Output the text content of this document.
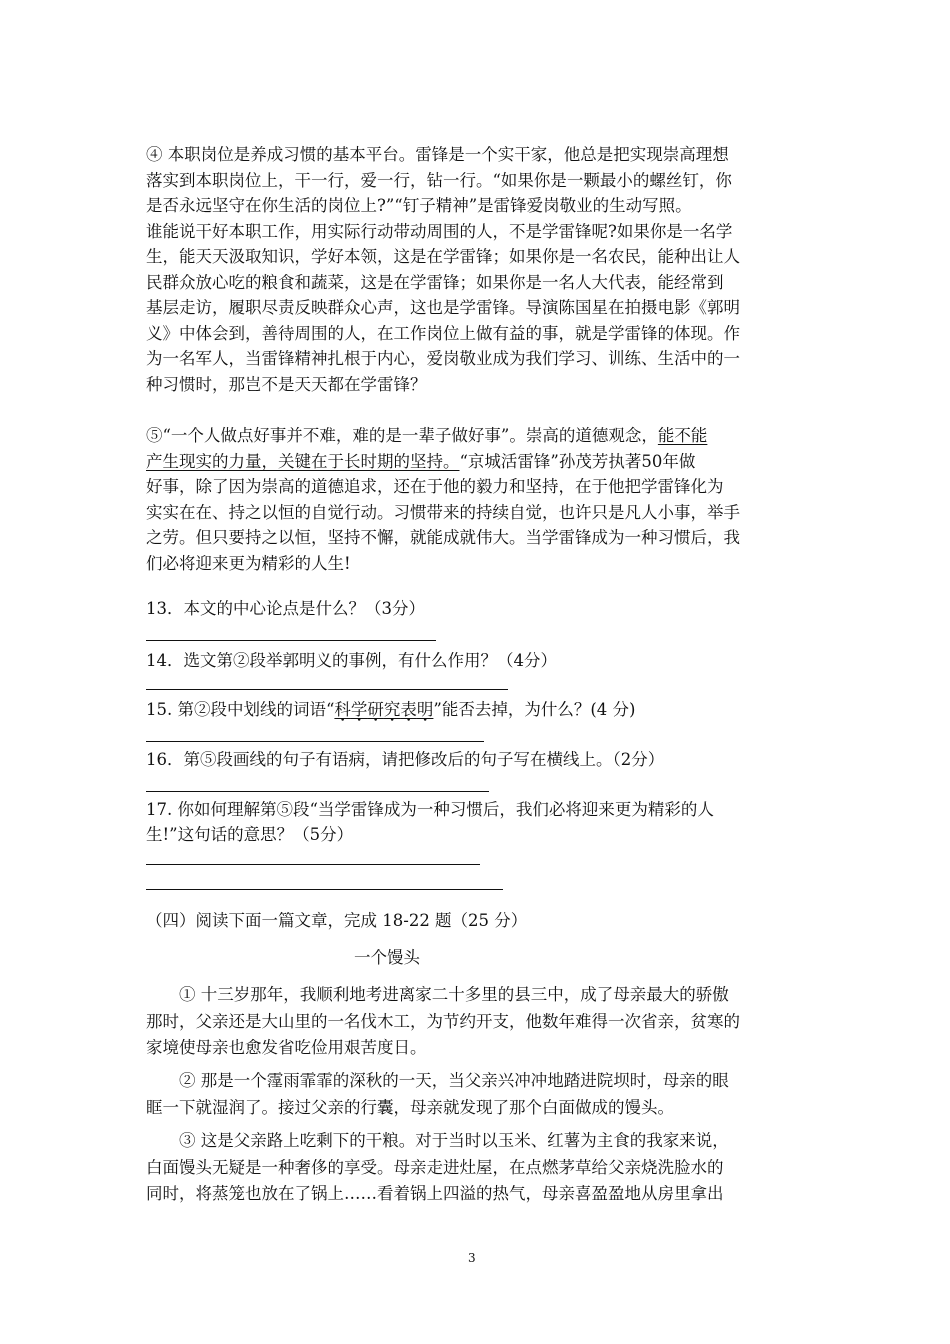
④ 本职岗位是养成习惯的基本平台。雷锋是一个实干家，他总是把实现崇高理想
落实到本职岗位上，干一行，爱一行，钻一行。“如果你是一颗最小的螺丝钉，你
是否永远坚守在你生活的岗位上?”“钉子精神”是雷锋爱岗敬业的生动写照。
谁能说干好本职工作，用实际行动带动周围的人，不是学雷锋呢?如果你是一名学
生，能天天汲取知识，学好本领，这是在学雷锋；如果你是一名农民，能种出让人
民群众放心吃的粮食和蔬菜，这是在学雷锋；如果你是一名人大代表，能经常到
基层走访，履职尽责反映群众心声，这也是学雷锋。导演陈国星在拍摄电影《郭明
义》中体会到，善待周围的人，在工作岗位上做有益的事，就是学雷锋的体现。作
为一名军人，当雷锋精神扎根于内心，爱岗敬业成为我们学习、训练、生活中的一
种习惯时，那岂不是天天都在学雷锋？
⑤“一个人做点好事并不难，难的是一辈子做好事”。崇高的道德观念，能不能
产生现实的力量，关键在于长时期的坚持。“京城活雷锋”孙茂芳执著50年做
好事，除了因为崇高的道德追求，还在于他的毅力和坚持，在于他把学雷锋化为
实实在在、持之以恒的自觉行动。习惯带来的持续自觉，也许只是凡人小事，举手
之劳。但只要持之以恒，坚持不懈，就能成就伟大。当学雷锋成为一种习惯后，我
们必将迎来更为精彩的人生!
13．本文的中心论点是什么？（3分）
14．选文第②段举郭明义的事例，有什么作用？（4分）
15. 第②段中划线的词语“科学研究表明”能否去掉，为什么？(4 分)
16．第⑤段画线的句子有语病，请把修改后的句子写在横线上。（2分）
17. 你如何理解第⑤段“当学雷锋成为一种习惯后，我们必将迎来更为精彩的人
生!”这句话的意思？（5分）
（四）阅读下面一篇文章，完成 18-22 题（25 分）
一个馒头
① 十三岁那年，我顺利地考进离家二十多里的县三中，成了母亲最大的骄傲
那时，父亲还是大山里的一名伐木工，为节约开支，他数年难得一次省亲，贫寒的
家境使母亲也愈发省吃俭用艰苦度日。
② 那是一个霪雨霏霏的深秋的一天，当父亲兴冲冲地踏进院坝时，母亲的眼
眶一下就湿润了。接过父亲的行囊，母亲就发现了那个白面做成的馒头。
③ 这是父亲路上吃剩下的干粮。对于当时以玉米、红薯为主食的我家来说，
白面馒头无疑是一种奢侈的享受。母亲走进灶屋，在点燃茅草给父亲烧洗脸水的
同时，将蒸笼也放在了锅上……看着锅上四溢的热气，母亲喜盈盈地从房里拿出
3
